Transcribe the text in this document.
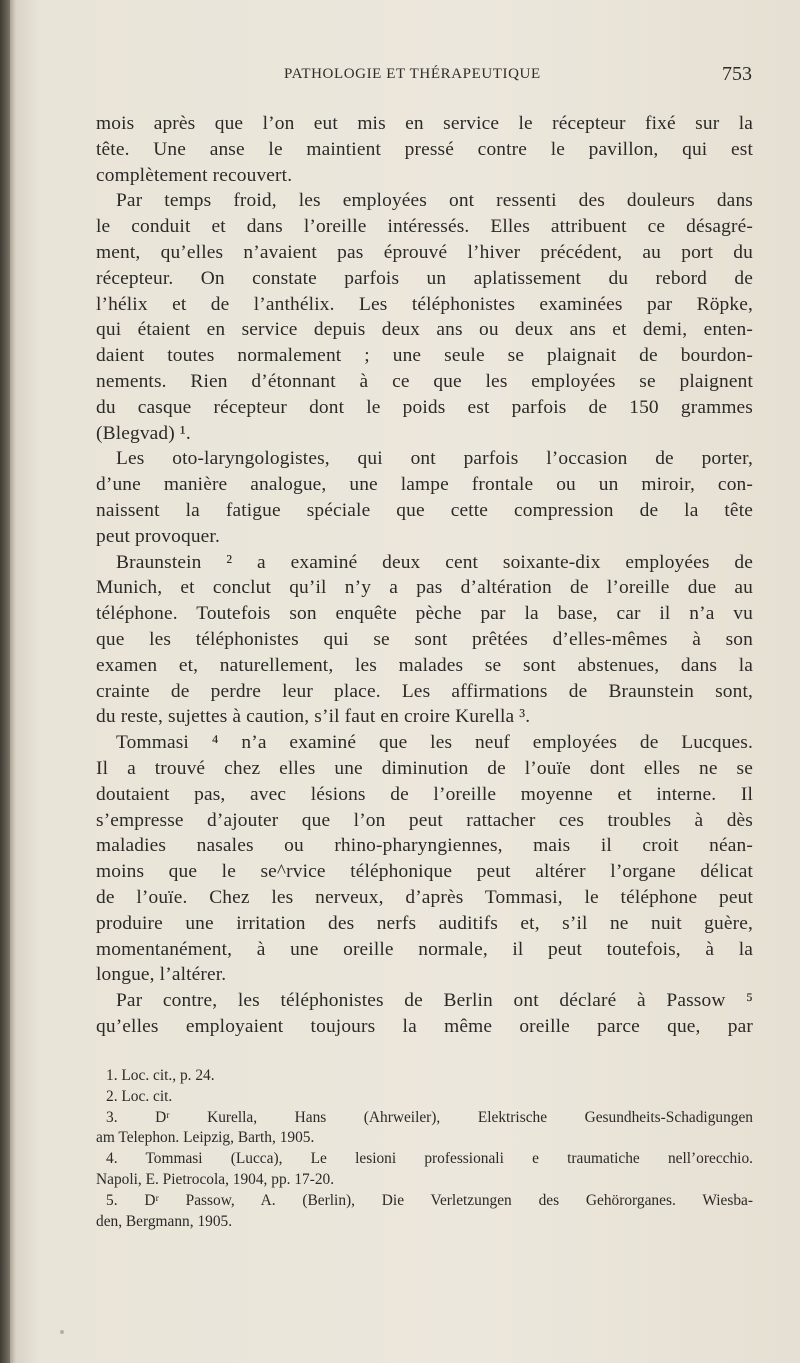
PATHOLOGIE ET THÉRAPEUTIQUE	753
mois après que l’on eut mis en service le récepteur fixé sur la
tête. Une anse le maintient pressé contre le pavillon, qui est
complètement recouvert.
Par temps froid, les employées ont ressenti des douleurs dans
le conduit et dans l’oreille intéressés. Elles attribuent ce désagré-
ment, qu’elles n’avaient pas éprouvé l’hiver précédent, au port du
récepteur. On constate parfois un aplatissement du rebord de
l’hélix et de l’anthélix. Les téléphonistes examinées par Röpke,
qui étaient en service depuis deux ans ou deux ans et demi, enten-
daient toutes normalement ; une seule se plaignait de bourdon-
nements. Rien d’étonnant à ce que les employées se plaignent
du casque récepteur dont le poids est parfois de 150 grammes
(Blegvad) ¹.
Les oto-laryngologistes, qui ont parfois l’occasion de porter,
d’une manière analogue, une lampe frontale ou un miroir, con-
naissent la fatigue spéciale que cette compression de la tête
peut provoquer.
Braunstein ² a examiné deux cent soixante-dix employées de
Munich, et conclut qu’il n’y a pas d’altération de l’oreille due au
téléphone. Toutefois son enquête pèche par la base, car il n’a vu
que les téléphonistes qui se sont prêtées d’elles-mêmes à son
examen et, naturellement, les malades se sont abstenues, dans la
crainte de perdre leur place. Les affirmations de Braunstein sont,
du reste, sujettes à caution, s’il faut en croire Kurella ³.
Tommasi ⁴ n’a examiné que les neuf employées de Lucques.
Il a trouvé chez elles une diminution de l’ouïe dont elles ne se
doutaient pas, avec lésions de l’oreille moyenne et interne. Il
s’empresse d’ajouter que l’on peut rattacher ces troubles à dès
maladies nasales ou rhino-pharyngiennes, mais il croit néan-
moins que le se^rvice téléphonique peut altérer l’organe délicat
de l’ouïe. Chez les nerveux, d’après Tommasi, le téléphone peut
produire une irritation des nerfs auditifs et, s’il ne nuit guère,
momentanément, à une oreille normale, il peut toutefois, à la
longue, l’altérer.
Par contre, les téléphonistes de Berlin ont déclaré à Passow ⁵
qu’elles employaient toujours la même oreille parce que, par
1. Loc. cit., p. 24.
2. Loc. cit.
3. Dʳ Kurella, Hans (Ahrweiler), Elektrische Gesundheits-Schadigungen
am Telephon. Leipzig, Barth, 1905.
4. Tommasi (Lucca), Le lesioni professionali e traumatiche nell’orecchio.
Napoli, E. Pietrocola, 1904, pp. 17-20.
5. Dʳ Passow, A. (Berlin), Die Verletzungen des Gehörorganes. Wiesba-
den, Bergmann, 1905.
